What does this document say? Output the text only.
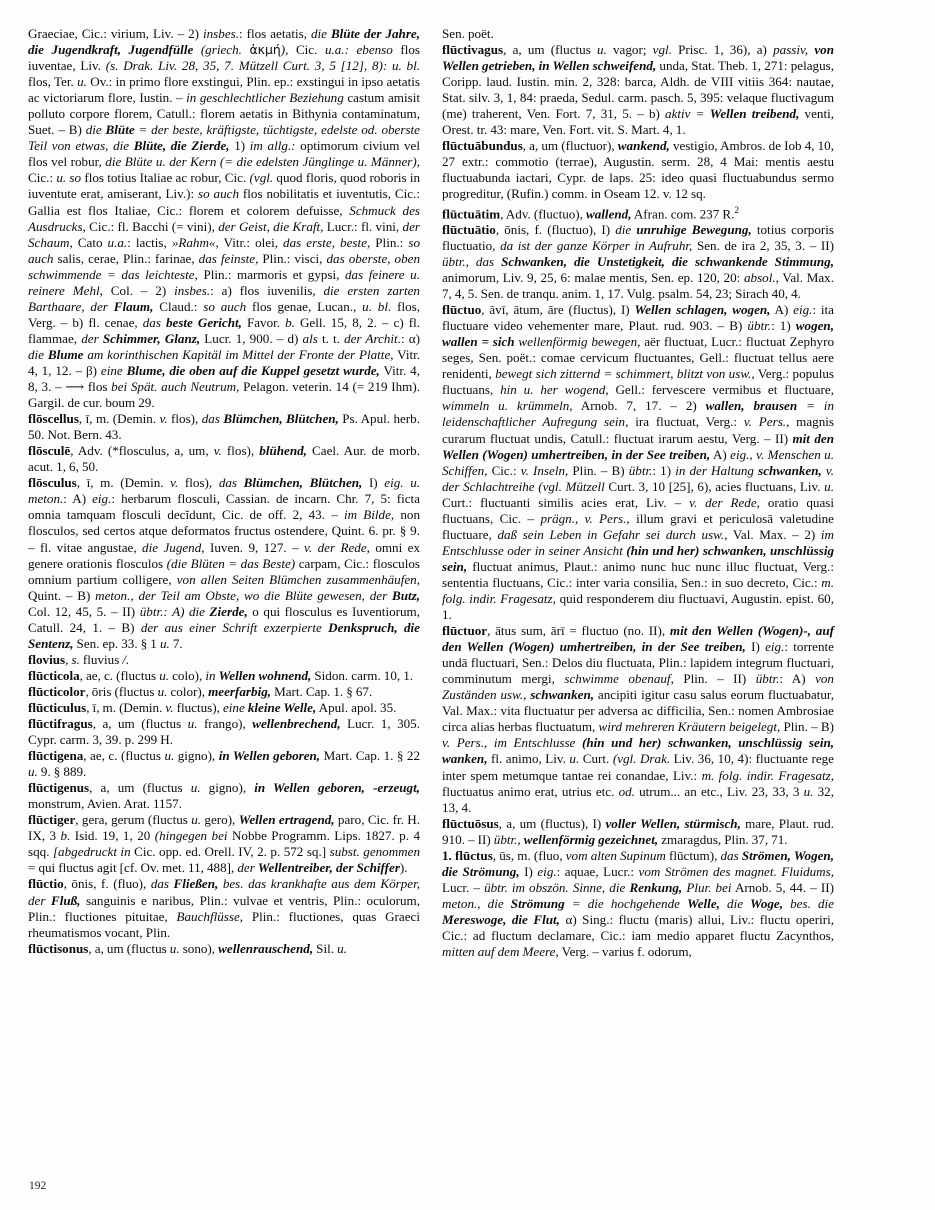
Graeciae, Cic.: virium, Liv. – 2) insbes.: flos aetatis, die Blüte der Jahre, die Jugendkraft, Jugendfülle (griech. ἀκμή), Cic. u.a.: ebenso flos iuventae, Liv. (s. Drak. Liv. 28, 35, 7. Mützell Curt. 3, 5 [12], 8): u. bl. flos, Ter. u. Ov.: in primo flore exstingui, Plin. ep.: exstingui in ipso aetatis ac victoriarum flore, Iustin. – in geschlechtlicher Beziehung castum amisit polluto corpore florem, Catull.: florem aetatis in Bithynia contaminatum, Suet. – B) die Blüte = der beste, kräftigste, tüchtigste, edelste od. oberste Teil von etwas, die Blüte, die Zierde, 1) im allg.: optimorum civium vel flos vel robur, die Blüte u. der Kern (= die edelsten Jünglinge u. Männer), Cic.: u. so flos totius Italiae ac robur, Cic. (vgl. quod floris, quod roboris in iuventute erat, amiserant, Liv.): so auch flos nobilitatis et iuventutis, Cic.: Gallia est flos Italiae, Cic.: florem et colorem defuisse, Schmuck des Ausdrucks, Cic.: fl. Bacchi (= vini), der Geist, die Kraft, Lucr.: fl. vini, der Schaum, Cato u.a.: lactis, »Rahm«, Vitr.: olei, das erste, beste, Plin.: so auch salis, cerae, Plin.: farinae, das feinste, Plin.: visci, das oberste, oben schwimmende = das leichteste, Plin.: marmoris et gypsi, das feinere u. reinere Mehl, Col. – 2) insbes.: a) flos iuvenilis, die ersten zarten Barthaare, der Flaum, Claud.: so auch flos genae, Lucan., u. bl. flos, Verg. – b) fl. cenae, das beste Gericht, Favor. b. Gell. 15, 8, 2. – c) fl. flammae, der Schimmer, Glanz, Lucr. 1, 900. – d) als t. t. der Archit.: α) die Blume am korinthischen Kapitäl im Mittel der Fronte der Platte, Vitr. 4, 1, 12. – β) eine Blume, die oben auf die Kuppel gesetzt wurde, Vitr. 4, 8, 3. – ⟶ flos bei Spät. auch Neutrum, Pelagon. veterin. 14 (= 219 Ihm). Gargil. de cur. boum 29.

flōscellus, ī, m. (Demin. v. flos), das Blümchen, Blütchen, Ps. Apul. herb. 50. Not. Bern. 43.

flōsculē, Adv. (*flosculus, a, um, v. flos), blühend, Cael. Aur. de morb. acut. 1, 6, 50.

flōsculus, ī, m. (Demin. v. flos), das Blümchen, Blütchen, I) eig. u. meton.: A) eig.: herbarum flosculi, Cassian. de incarn. Chr. 7, 5: ficta omnia tamquam flosculi decĭdunt, Cic. de off. 2, 43. – im Bilde, non flosculos, sed certos atque deformatos fructus ostendere, Quint. 6. pr. § 9. – fl. vitae angustae, die Jugend, Iuven. 9, 127. – v. der Rede, omni ex genere orationis flosculos (die Blüten = das Beste) carpam, Cic.: flosculos omnium partium colligere, von allen Seiten Blümchen zusammenhäufen, Quint. – B) meton., der Teil am Obste, wo die Blüte gewesen, der Butz, Col. 12, 45, 5. – II) übtr.: A) die Zierde, o qui flosculus es Iuventiorum, Catull. 24, 1. – B) der aus einer Schrift exzerpierte Denkspruch, die Sentenz, Sen. ep. 33. § 1 u. 7.

flovius, s. fluvius /.

flūcticola, ae, c. (fluctus u. colo), in Wellen wohnend, Sidon. carm. 10, 1.

flūcticolor, ōris (fluctus u. color), meerfarbig, Mart. Cap. 1. § 67.

flūcticulus, ī, m. (Demin. v. fluctus), eine kleine Welle, Apul. apol. 35.

flūctifragus, a, um (fluctus u. frango), wellenbrechend, Lucr. 1, 305. Cypr. carm. 3, 39. p. 299 H.

flūctigena, ae, c. (fluctus u. gigno), in Wellen geboren, Mart. Cap. 1. § 22 u. 9. § 889.

flūctigenus, a, um (fluctus u. gigno), in Wellen geboren, -erzeugt, monstrum, Avien. Arat. 1157.

flūctiger, gera, gerum (fluctus u. gero), Wellen ertragend, paro, Cic. fr. H. IX, 3 b. Isid. 19, 1, 20 (hingegen bei Nobbe Programm. Lips. 1827. p. 4 sqq. [abgedruckt in Cic. opp. ed. Orell. IV, 2. p. 572 sq.] subst. genommen = qui fluctus agit [cf. Ov. met. 11, 488], der Wellentreiber, der Schiffer).

flūctio, ōnis, f. (fluo), das Fließen, bes. das krankhafte aus dem Körper, der Fluß, sanguinis e naribus, Plin.: vulvae et ventris, Plin.: oculorum, Plin.: fluctiones pituitae, Bauchflüsse, Plin.: fluctiones, quas Graeci rheumatismos vocant, Plin.

flūctisonus, a, um (fluctus u. sono), wellenrauschend, Sil. u.

Sen. poët.

flūctivagus, a, um (fluctus u. vagor; vgl. Prisc. 1, 36), a) passiv, von Wellen getrieben, in Wellen schweifend, unda, Stat. Theb. 1, 271: pelagus, Coripp. laud. Iustin. min. 2, 328: barca, Aldh. de VIII vitiis 364: nautae, Stat. silv. 3, 1, 84: praeda, Sedul. carm. pasch. 5, 395: velaque fluctivagum (me) traherent, Ven. Fort. 7, 31, 5. – b) aktiv = Wellen treibend, venti, Orest. tr. 43: mare, Ven. Fort. vit. S. Mart. 4, 1.

flūctuābundus, a, um (fluctuor), wankend, vestigio, Ambros. de Iob 4, 10, 27 extr.: commotio (terrae), Augustin. serm. 28, 4 Mai: mentis aestu fluctuabunda iactari, Cypr. de laps. 25: ideo quasi fluctuabundus sermo progreditur, (Rufin.) comm. in Oseam 12. v. 12 sq.

flūctuātim, Adv. (fluctuo), wallend, Afran. com. 237 R.$^2$

flūctuātio, ōnis, f. (fluctuo), I) die unruhige Bewegung, totius corporis fluctuatio, da ist der ganze Körper in Aufruhr, Sen. de ira 2, 35, 3. – II) übtr., das Schwanken, die Unstetigkeit, die schwankende Stimmung, animorum, Liv. 9, 25, 6: malae mentis, Sen. ep. 120, 20: absol., Val. Max. 7, 4, 5. Sen. de tranqu. anim. 1, 17. Vulg. psalm. 54, 23; Sirach 40, 4.

flūctuo, āvī, ātum, āre (fluctus), I) Wellen schlagen, wogen, A) eig.: ita fluctuare video vehementer mare, Plaut. rud. 903. – B) übtr.: 1) wogen, wallen = sich wellenförmig bewegen, aër fluctuat, Lucr.: fluctuat Zephyro seges, Sen. poët.: comae cervicum fluctuantes, Gell.: fluctuat tellus aere renidenti, bewegt sich zitternd = schimmert, blitzt von usw., Verg.: populus fluctuans, hin u. her wogend, Gell.: fervescere vermibus et fluctuare, wimmeln u. krümmeln, Arnob. 7, 17. – 2) wallen, brausen = in leidenschaftlicher Aufregung sein, ira fluctuat, Verg.: v. Pers., magnis curarum fluctuat undis, Catull.: fluctuat irarum aestu, Verg. – II) mit den Wellen (Wogen) umhertreiben, in der See treiben, A) eig., v. Menschen u. Schiffen, Cic.: v. Inseln, Plin. – B) übtr.: 1) in der Haltung schwanken, v. der Schlachtreihe (vgl. Mützell Curt. 3, 10 [25], 6), acies fluctuans, Liv. u. Curt.: fluctuanti similis acies erat, Liv. – v. der Rede, oratio quasi fluctuans, Cic. – prägn., v. Pers., illum gravi et periculosā valetudine fluctuare, daß sein Leben in Gefahr sei durch usw., Val. Max. – 2) im Entschlusse oder in seiner Ansicht (hin und her) schwanken, unschlüssig sein, fluctuat animus, Plaut.: animo nunc huc nunc illuc fluctuat, Verg.: sententia fluctuans, Cic.: inter varia consilia, Sen.: in suo decreto, Cic.: m. folg. indir. Fragesatz, quid responderem diu fluctuavi, Augustin. epist. 60, 1.

flūctuor, ātus sum, ārī = fluctuo (no. II), mit den Wellen (Wogen)-, auf den Wellen (Wogen) umhertreiben, in der See treiben, I) eig.: torrente undā fluctuari, Sen.: Delos diu fluctuata, Plin.: lapidem integrum fluctuari, comminutum mergi, schwimme obenauf, Plin. – II) übtr.: A) von Zuständen usw., schwanken, ancipiti igitur casu salus eorum fluctuabatur, Val. Max.: vita fluctuatur per adversa ac difficilia, Sen.: nomen Ambrosiae circa alias herbas fluctuatum, wird mehreren Kräutern beigelegt, Plin. – B) v. Pers., im Entschlusse (hin und her) schwanken, unschlüssig sein, wanken, fl. animo, Liv. u. Curt. (vgl. Drak. Liv. 36, 10, 4): fluctuante rege inter spem metumque tantae rei conandae, Liv.: m. folg. indir. Fragesatz, fluctuatus animo erat, utrius etc. od. utrum... an etc., Liv. 23, 33, 3 u. 32, 13, 4.

flūctuōsus, a, um (fluctus), I) voller Wellen, stürmisch, mare, Plaut. rud. 910. – II) übtr., wellenförmig gezeichnet, zmaragdus, Plin. 37, 71.

1. flūctus, ūs, m. (fluo, vom alten Supinum flūctum), das Strömen, Wogen, die Strömung, I) eig.: aquae, Lucr.: vom Strömen des magnet. Fluidums, Lucr. – übtr. im obszön. Sinne, die Renkung, Plur. bei Arnob. 5, 44. – II) meton., die Strömung = die hochgehende Welle, die Woge, bes. die Mereswoge, die Flut, α) Sing.: fluctu (maris) allui, Liv.: fluctu operiri, Cic.: ad fluctum declamare, Cic.: iam medio apparet fluctu Zacynthos, mitten auf dem Meere, Verg. – varius f. odorum,

192
